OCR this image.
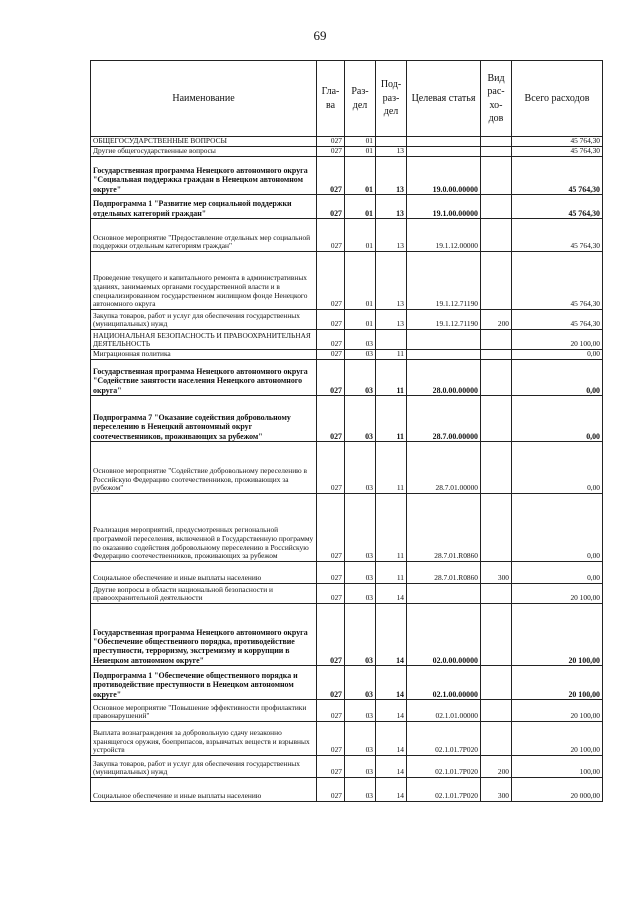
69
Наименование	Гла-ва	Раз-дел	Под-раз-дел	Целевая статья	Вид рас-хо-дов	Всего расходов
ОБЩЕГОСУДАРСТВЕННЫЕ ВОПРОСЫ	027	01				45 764,30
Другие общегосударственные вопросы	027	01	13			45 764,30
Государственная программа Ненецкого автономного округа "Социальная поддержка граждан в Ненецком автономном округе"	027	01	13	19.0.00.00000		45 764,30
Подпрограмма 1 "Развитие мер социальной поддержки отдельных категорий граждан"	027	01	13	19.1.00.00000		45 764,30
Основное мероприятие "Предоставление отдельных мер социальной поддержки отдельным категориям граждан"	027	01	13	19.1.12.00000		45 764,30
Проведение текущего и капитального ремонта в административных зданиях, занимаемых органами государственной власти и в специализированном государственном жилищном фонде Ненецкого автономного округа	027	01	13	19.1.12.71190		45 764,30
Закупка товаров, работ и услуг для обеспечения государственных (муниципальных) нужд	027	01	13	19.1.12.71190	200	45 764,30
НАЦИОНАЛЬНАЯ БЕЗОПАСНОСТЬ И ПРАВООХРАНИТЕЛЬНАЯ ДЕЯТЕЛЬНОСТЬ	027	03				20 100,00
Миграционная политика	027	03	11			0,00
Государственная программа Ненецкого автономного округа "Содействие занятости населения Ненецкого автономного округа"	027	03	11	28.0.00.00000		0,00
Подпрограмма 7 "Оказание содействия добровольному переселению в Ненецкий автономный округ соотечественников, проживающих за рубежом"	027	03	11	28.7.00.00000		0,00
Основное мероприятие "Содействие добровольному переселению в Российскую Федерацию соотечественников, проживающих за рубежом"	027	03	11	28.7.01.00000		0,00
Реализация мероприятий, предусмотренных региональной программой переселения, включенной в Государственную программу по оказанию содействия добровольному переселению в Российскую Федерацию соотечественников, проживающих за рубежом	027	03	11	28.7.01.R0860		0,00
Социальное обеспечение и иные выплаты населению	027	03	11	28.7.01.R0860	300	0,00
Другие вопросы в области национальной безопасности и правоохранительной деятельности	027	03	14			20 100,00
Государственная программа Ненецкого автономного округа "Обеспечение общественного порядка, противодействие преступности, терроризму, экстремизму и коррупции в Ненецком автономном округе"	027	03	14	02.0.00.00000		20 100,00
Подпрограмма 1 "Обеспечение общественного порядка и противодействие преступности в Ненецком автономном округе"	027	03	14	02.1.00.00000		20 100,00
Основное мероприятие "Повышение эффективности профилактики правонарушений"	027	03	14	02.1.01.00000		20 100,00
Выплата вознаграждения за добровольную сдачу незаконно хранящегося оружия, боеприпасов, взрывчатых веществ и взрывных устройств	027	03	14	02.1.01.7Р020		20 100,00
Закупка товаров, работ и услуг для обеспечения государственных (муниципальных) нужд	027	03	14	02.1.01.7Р020	200	100,00
Социальное обеспечение и иные выплаты населению	027	03	14	02.1.01.7Р020	300	20 000,00
